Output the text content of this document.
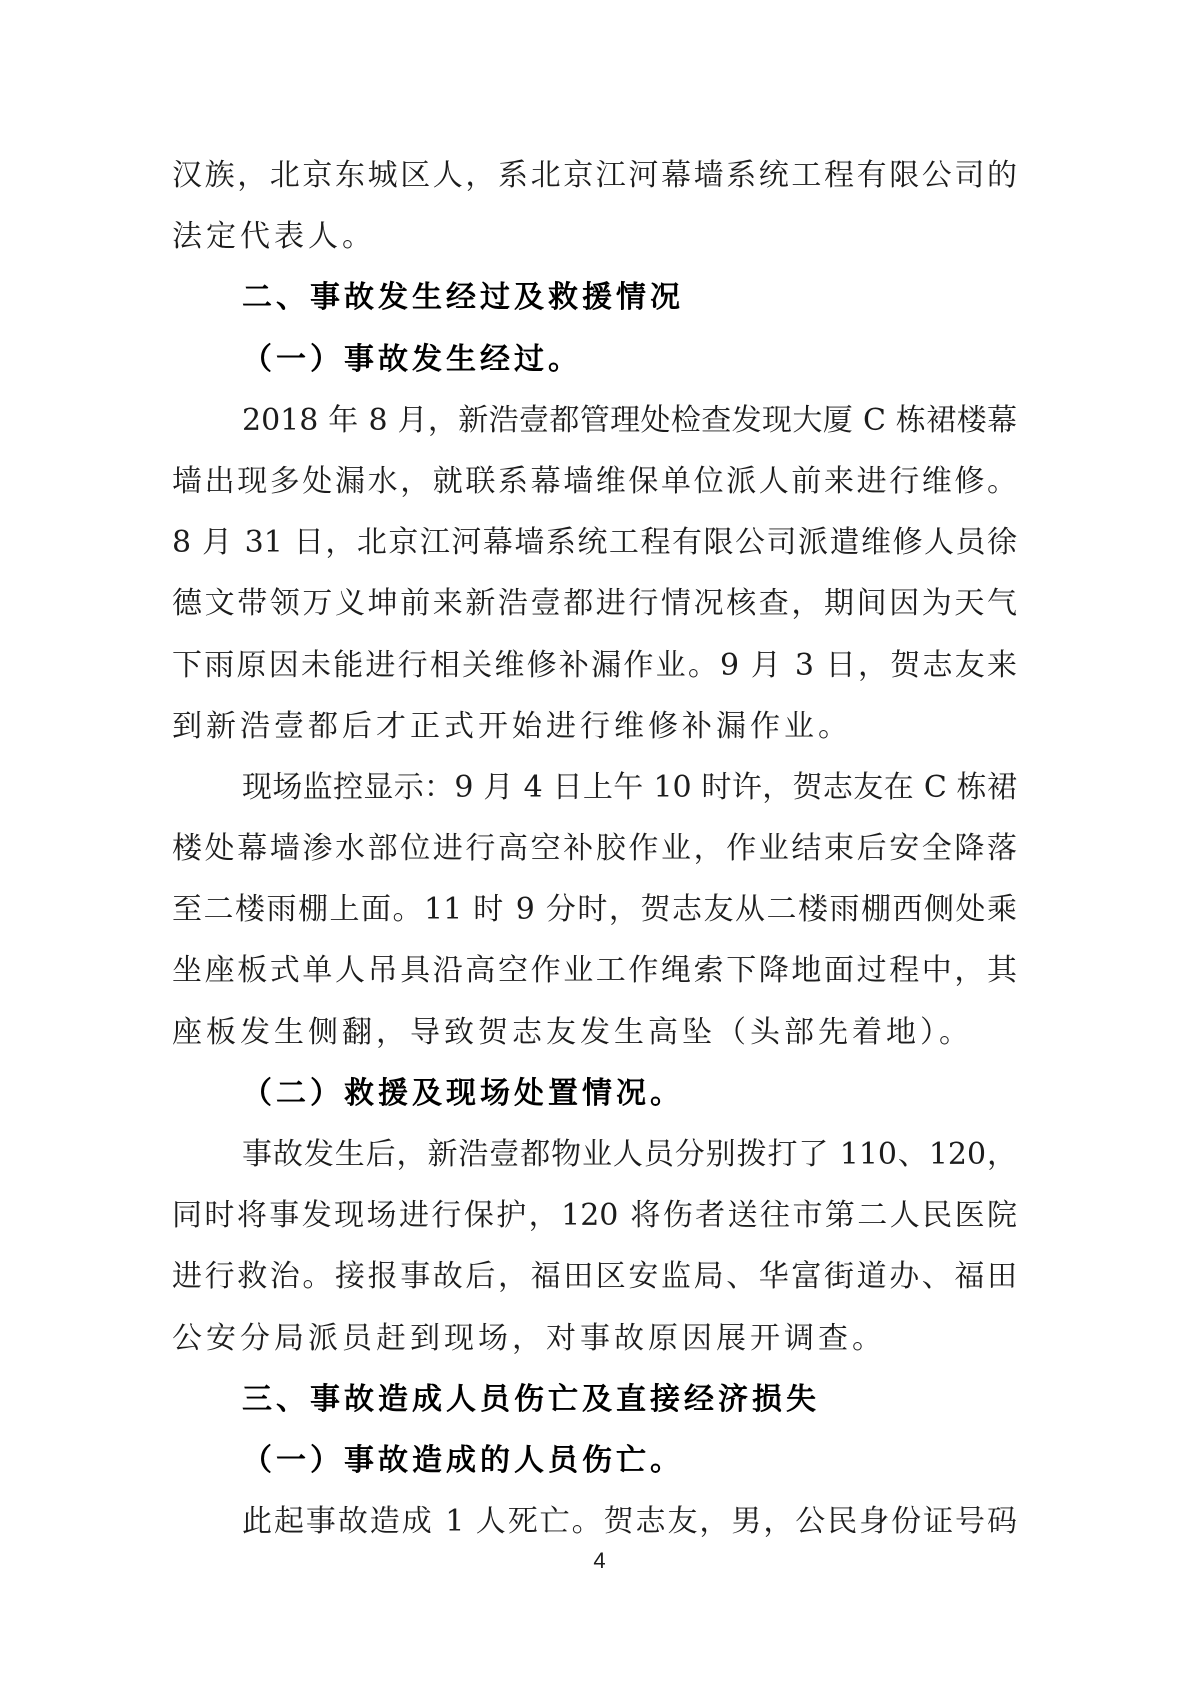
汉族，北京东城区人，系北京江河幕墙系统工程有限公司的
法定代表人。
二、事故发生经过及救援情况
（一）事故发生经过。
2018 年 8 月，新浩壹都管理处检查发现大厦 C 栋裙楼幕
墙出现多处漏水，就联系幕墙维保单位派人前来进行维修。
8 月 31 日，北京江河幕墙系统工程有限公司派遣维修人员徐
德文带领万义坤前来新浩壹都进行情况核查，期间因为天气
下雨原因未能进行相关维修补漏作业。9 月 3 日，贺志友来
到新浩壹都后才正式开始进行维修补漏作业。
现场监控显示：9 月 4 日上午 10 时许，贺志友在 C 栋裙
楼处幕墙渗水部位进行高空补胶作业，作业结束后安全降落
至二楼雨棚上面。11 时 9 分时，贺志友从二楼雨棚西侧处乘
坐座板式单人吊具沿高空作业工作绳索下降地面过程中，其
座板发生侧翻，导致贺志友发生高坠（头部先着地）。
（二）救援及现场处置情况。
事故发生后，新浩壹都物业人员分别拨打了 110、120，
同时将事发现场进行保护，120 将伤者送往市第二人民医院
进行救治。接报事故后，福田区安监局、华富街道办、福田
公安分局派员赶到现场，对事故原因展开调查。
三、事故造成人员伤亡及直接经济损失
（一）事故造成的人员伤亡。
此起事故造成 1 人死亡。贺志友，男，公民身份证号码
4
